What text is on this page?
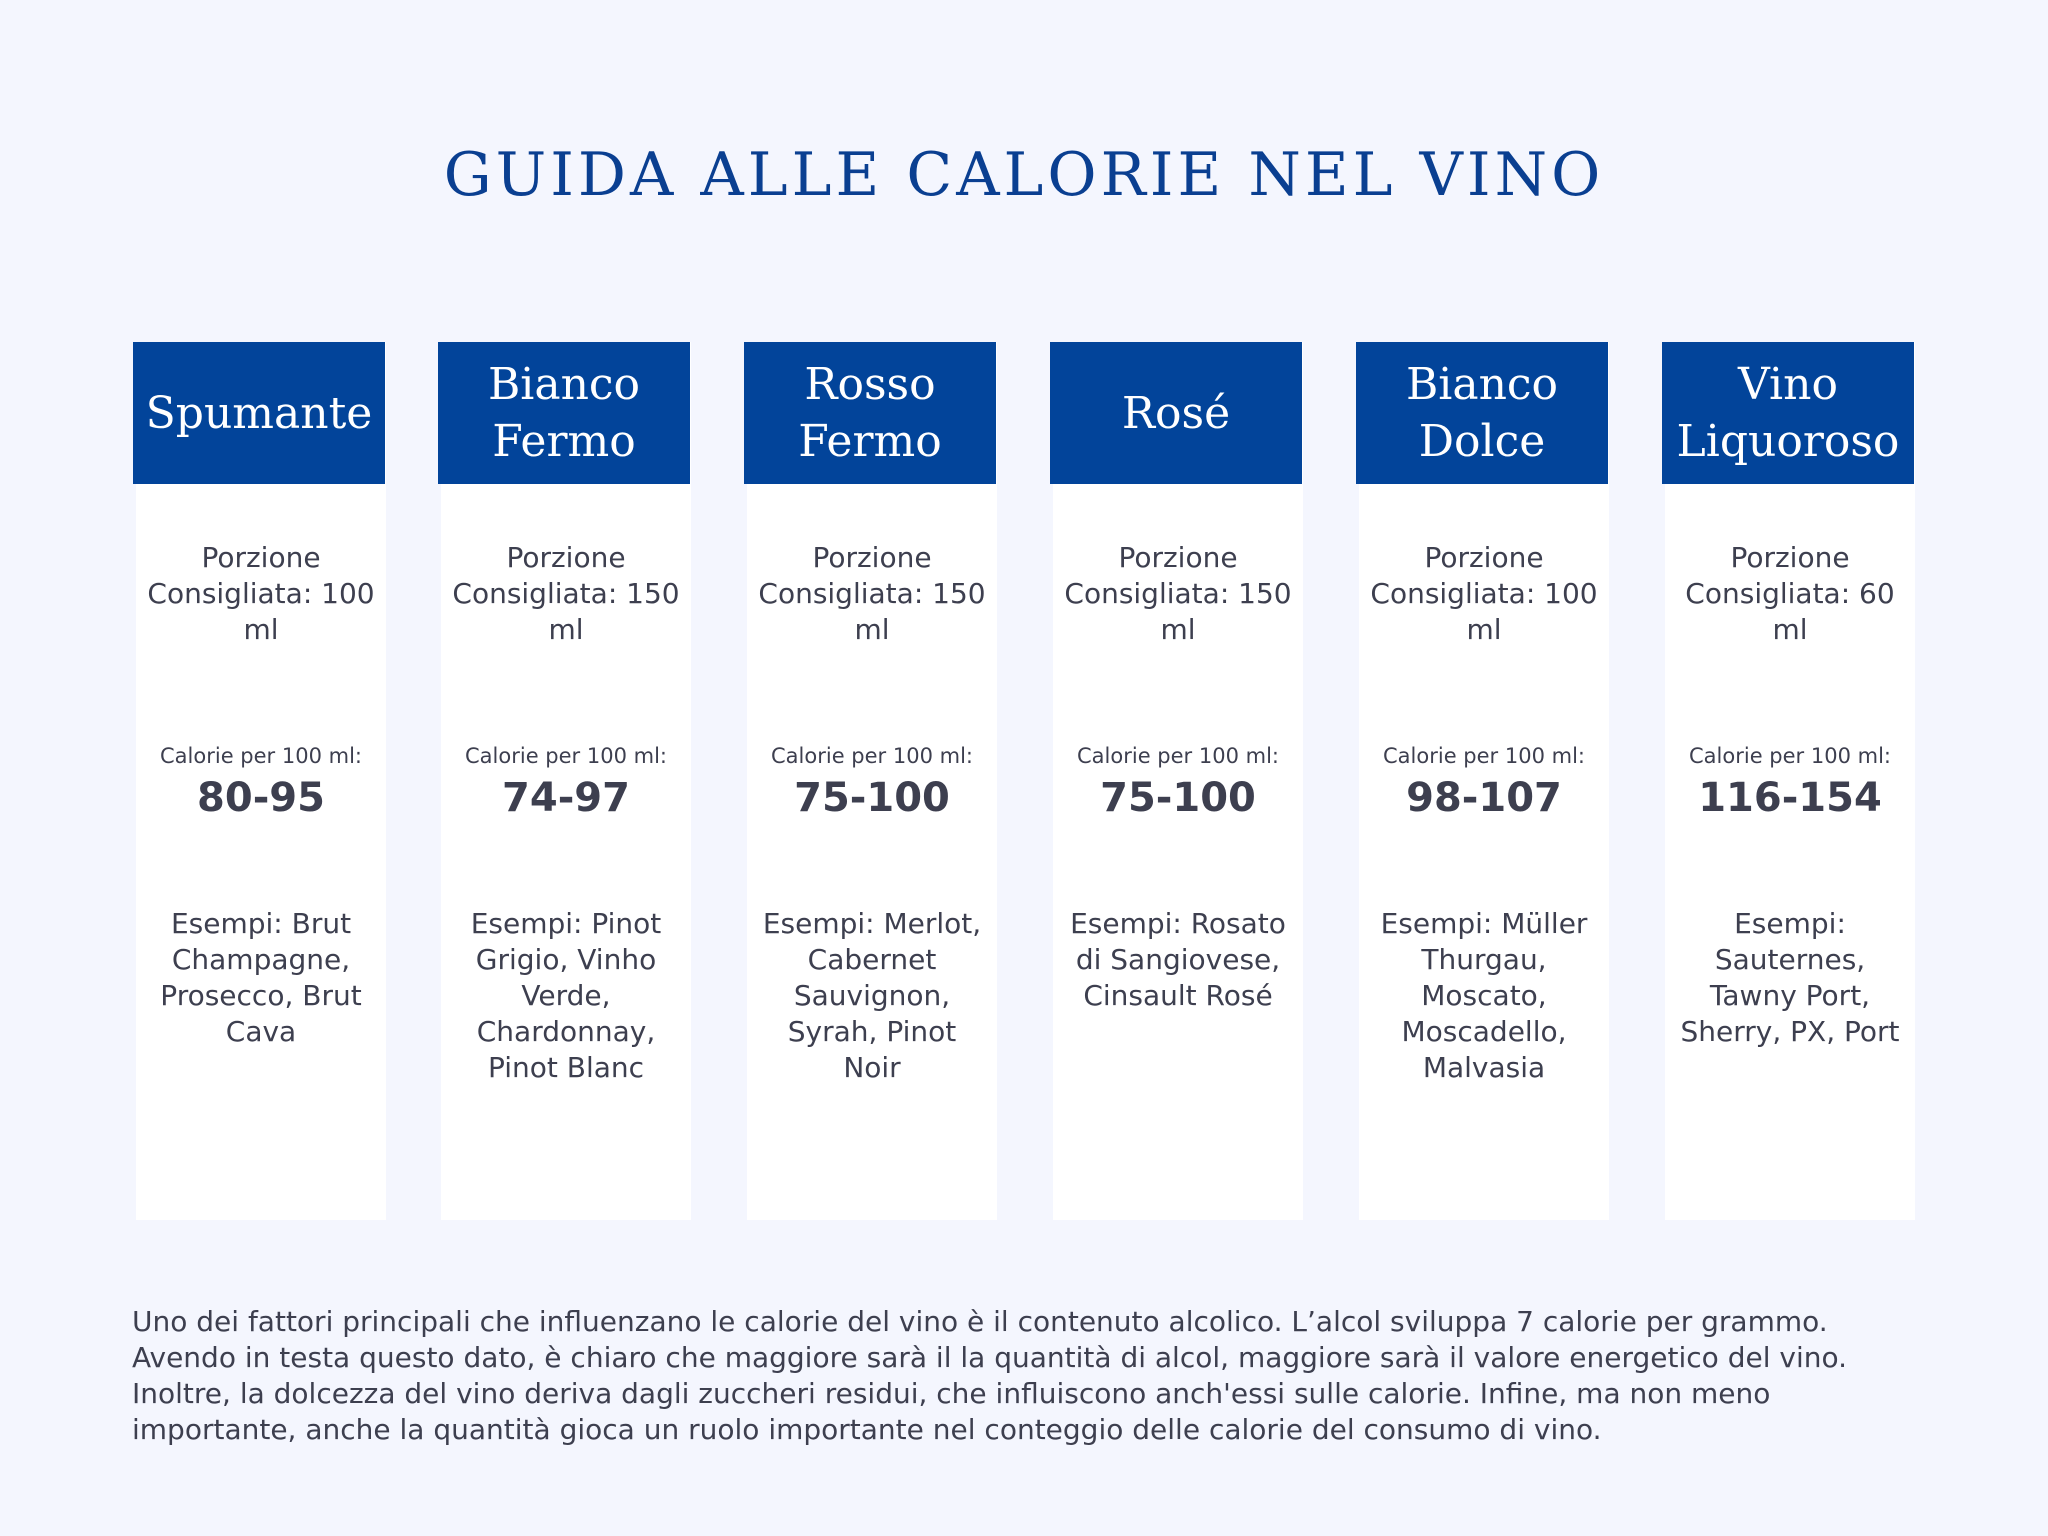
GUIDA ALLE CALORIE NEL VINO
Spumante
Porzione Consigliata: 100 ml
Calorie per 100 ml:
80-95
Esempi: Brut Champagne, Prosecco, Brut Cava
Bianco Fermo
Porzione Consigliata: 150 ml
Calorie per 100 ml:
74-97
Esempi: Pinot Grigio, Vinho Verde, Chardonnay, Pinot Blanc
Rosso Fermo
Porzione Consigliata: 150 ml
Calorie per 100 ml:
75-100
Esempi: Merlot, Cabernet Sauvignon, Syrah, Pinot Noir
Rosé
Porzione Consigliata: 150 ml
Calorie per 100 ml:
75-100
Esempi: Rosato di Sangiovese, Cinsault Rosé
Bianco Dolce
Porzione Consigliata: 100 ml
Calorie per 100 ml:
98-107
Esempi: Müller Thurgau, Moscato, Moscadello, Malvasia
Vino Liquoroso
Porzione Consigliata: 60 ml
Calorie per 100 ml:
116-154
Esempi: Sauternes, Tawny Port, Sherry, PX, Port

Uno dei fattori principali che influenzano le calorie del vino è il contenuto alcolico. L’alcol sviluppa 7 calorie per grammo. Avendo in testa questo dato, è chiaro che maggiore sarà il la quantità di alcol, maggiore sarà il valore energetico del vino. Inoltre, la dolcezza del vino deriva dagli zuccheri residui, che influiscono anch'essi sulle calorie. Infine, ma non meno importante, anche la quantità gioca un ruolo importante nel conteggio delle calorie del consumo di vino.
